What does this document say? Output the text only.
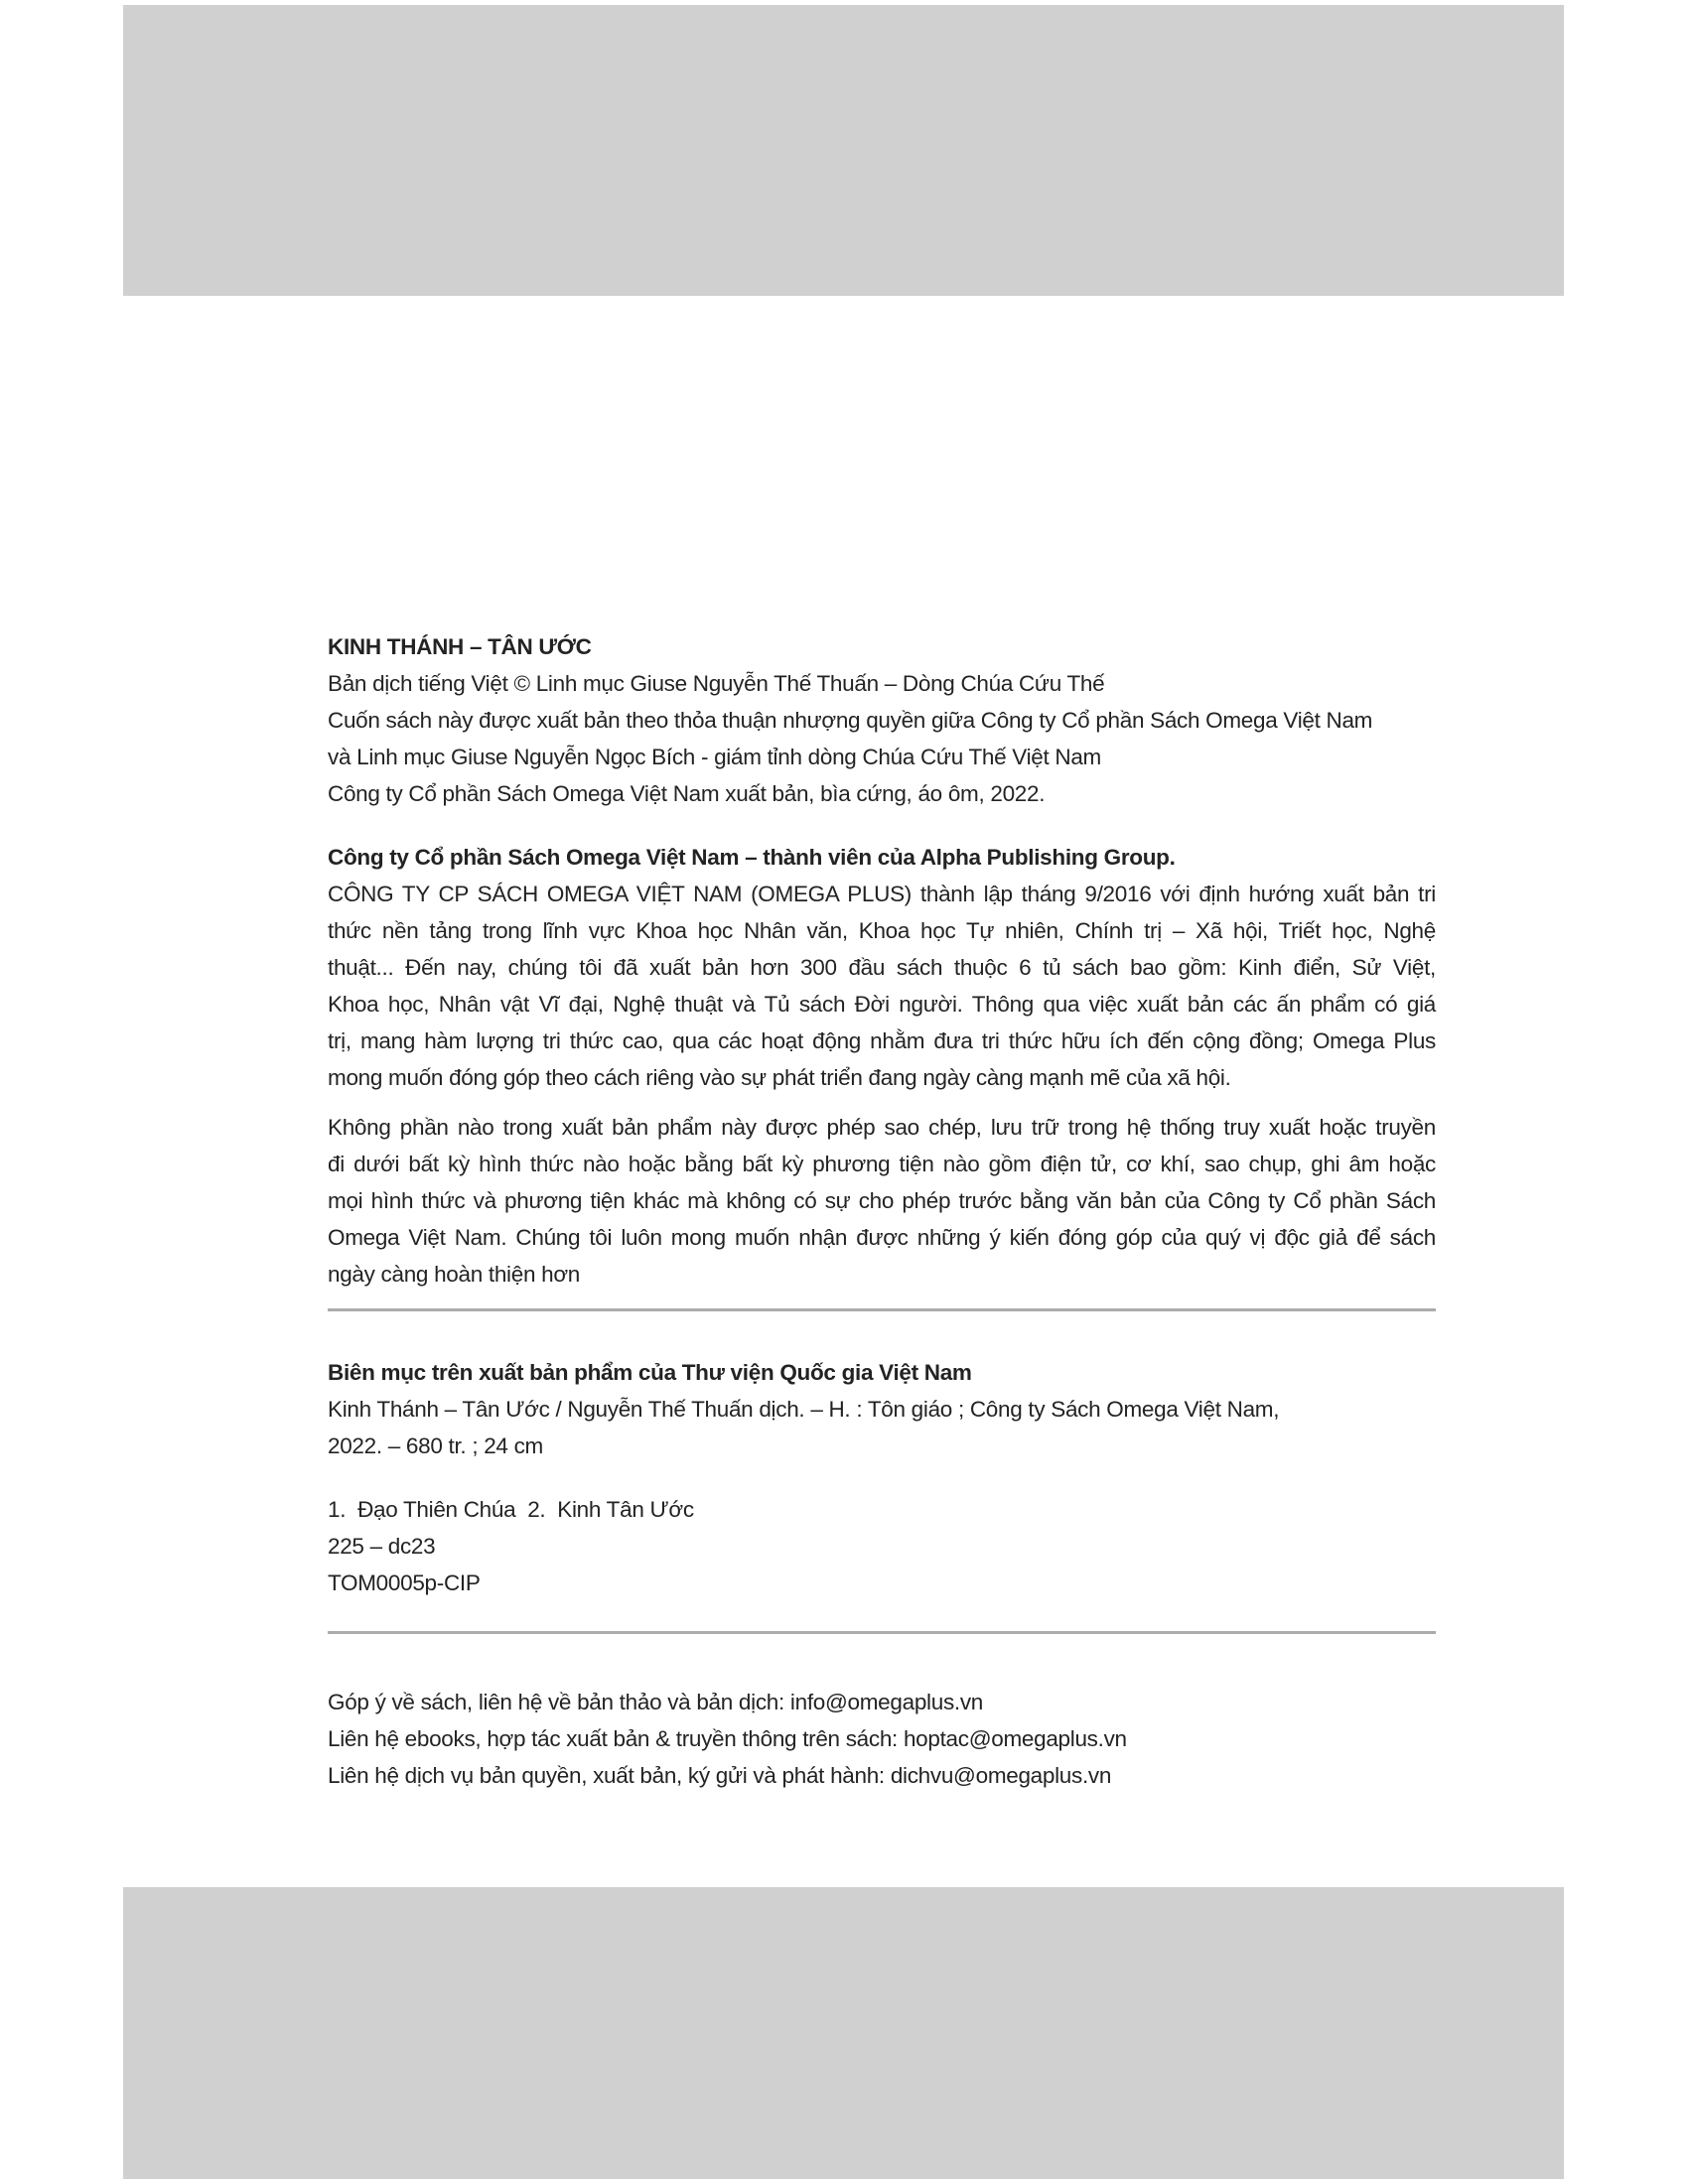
KINH THÁNH – TÂN ƯỚC
Bản dịch tiếng Việt © Linh mục Giuse Nguyễn Thế Thuấn – Dòng Chúa Cứu Thế
Cuốn sách này được xuất bản theo thỏa thuận nhượng quyền giữa Công ty Cổ phần Sách Omega Việt Nam
và Linh mục Giuse Nguyễn Ngọc Bích - giám tỉnh dòng Chúa Cứu Thế Việt Nam
Công ty Cổ phần Sách Omega Việt Nam xuất bản, bìa cứng, áo ôm, 2022.
Công ty Cổ phần Sách Omega Việt Nam – thành viên của Alpha Publishing Group.
CÔNG TY CP SÁCH OMEGA VIỆT NAM (OMEGA PLUS) thành lập tháng 9/2016 với định hướng xuất bản tri
thức nền tảng trong lĩnh vực Khoa học Nhân văn, Khoa học Tự nhiên, Chính trị – Xã hội, Triết học, Nghệ
thuật... Đến nay, chúng tôi đã xuất bản hơn 300 đầu sách thuộc 6 tủ sách bao gồm: Kinh điển, Sử Việt,
Khoa học, Nhân vật Vĩ đại, Nghệ thuật và Tủ sách Đời người. Thông qua việc xuất bản các ấn phẩm có giá
trị, mang hàm lượng tri thức cao, qua các hoạt động nhằm đưa tri thức hữu ích đến cộng đồng; Omega Plus
mong muốn đóng góp theo cách riêng vào sự phát triển đang ngày càng mạnh mẽ của xã hội.
Không phần nào trong xuất bản phẩm này được phép sao chép, lưu trữ trong hệ thống truy xuất hoặc truyền
đi dưới bất kỳ hình thức nào hoặc bằng bất kỳ phương tiện nào gồm điện tử, cơ khí, sao chụp, ghi âm hoặc
mọi hình thức và phương tiện khác mà không có sự cho phép trước bằng văn bản của Công ty Cổ phần Sách
Omega Việt Nam. Chúng tôi luôn mong muốn nhận được những ý kiến đóng góp của quý vị độc giả để sách
ngày càng hoàn thiện hơn
Biên mục trên xuất bản phẩm của Thư viện Quốc gia Việt Nam
Kinh Thánh – Tân Ước / Nguyễn Thế Thuấn dịch. – H. : Tôn giáo ; Công ty Sách Omega Việt Nam,
2022. – 680 tr. ; 24 cm
1.  Đạo Thiên Chúa  2.  Kinh Tân Ước
225 – dc23
TOM0005p-CIP
Góp ý về sách, liên hệ về bản thảo và bản dịch: info@omegaplus.vn
Liên hệ ebooks, hợp tác xuất bản & truyền thông trên sách: hoptac@omegaplus.vn
Liên hệ dịch vụ bản quyền, xuất bản, ký gửi và phát hành: dichvu@omegaplus.vn
